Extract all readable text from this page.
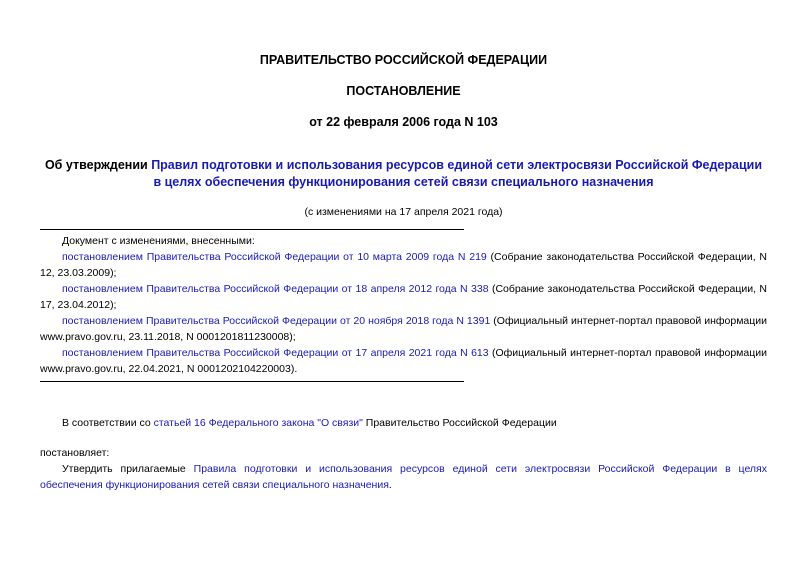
ПРАВИТЕЛЬСТВО РОССИЙСКОЙ ФЕДЕРАЦИИ
ПОСТАНОВЛЕНИЕ
от 22 февраля 2006 года N 103
Об утверждении Правил подготовки и использования ресурсов единой сети электросвязи Российской Федерации в целях обеспечения функционирования сетей связи специального назначения
(с изменениями на 17 апреля 2021 года)

Документ с изменениями, внесенными:

постановлением Правительства Российской Федерации от 10 марта 2009 года N 219 (Собрание законодательства Российской Федерации, N 12, 23.03.2009);

постановлением Правительства Российской Федерации от 18 апреля 2012 года N 338 (Собрание законодательства Российской Федерации, N 17, 23.04.2012);

постановлением Правительства Российской Федерации от 20 ноября 2018 года N 1391 (Официальный интернет-портал правовой информации www.pravo.gov.ru, 23.11.2018, N 0001201811230008);

постановлением Правительства Российской Федерации от 17 апреля 2021 года N 613 (Официальный интернет-портал правовой информации www.pravo.gov.ru, 22.04.2021, N 0001202104220003).

В соответствии со статьей 16 Федерального закона "О связи" Правительство Российской Федерации

постановляет:

Утвердить прилагаемые Правила подготовки и использования ресурсов единой сети электросвязи Российской Федерации в целях обеспечения функционирования сетей связи специального назначения.
